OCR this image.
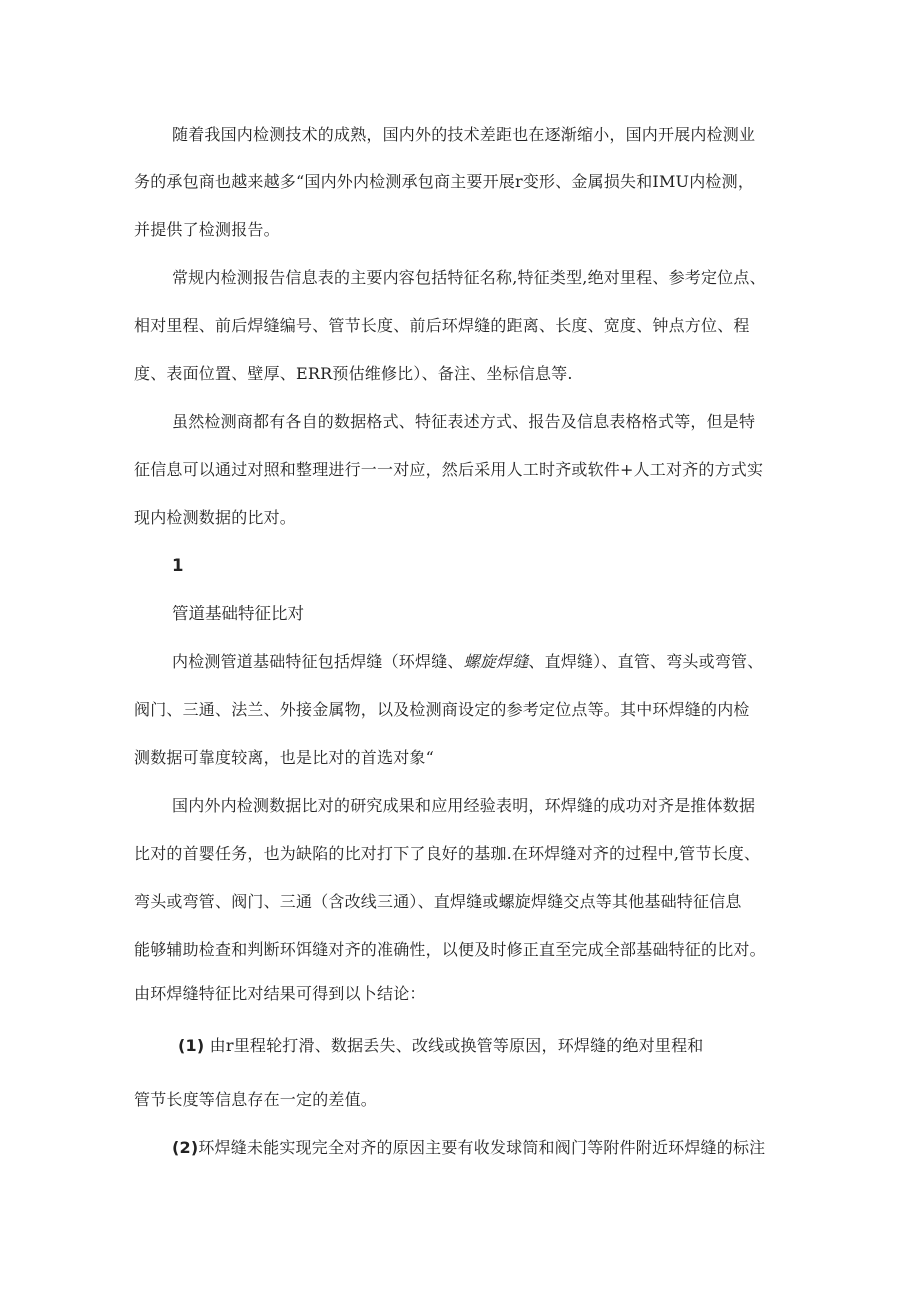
随着我国内检测技术的成熟，国内外的技术差距也在逐渐缩小，国内开展内检测业
务的承包商也越来越多“国内外内检测承包商主要开展r变形、金属损失和IMU内检测，
并提供了检测报告。
常规内检测报告信息表的主要内容包括特征名称,特征类型,绝对里程、参考定位点、
相对里程、前后焊缝编号、管节长度、前后环焊缝的距离、长度、宽度、钟点方位、程
度、表面位置、壁厚、ERR预估维修比）、备注、坐标信息等.
虽然检测商都有各自的数据格式、特征表述方式、报告及信息表格格式等，但是特
征信息可以通过对照和整理进行一一对应，然后采用人工时齐或软件+人工对齐的方式实
现内检测数据的比对。
1
管道基础特征比对
内检测管道基础特征包括焊缝（环焊缝、螺旋焊缝、直焊缝）、直管、弯头或弯管、
阀门、三通、法兰、外接金属物，以及检测商设定的参考定位点等。其中环焊缝的内检
测数据可靠度较离，也是比对的首选对象“
国内外内检测数据比对的研究成果和应用经验表明，环焊缝的成功对齐是推体数据
比对的首婴任务，也为缺陷的比对打下了良好的基珈.在环焊缝对齐的过程中,管节长度、
弯头或弯管、阀门、三通（含改线三通）、直焊缝或螺旋焊缝交点等其他基础特征信息
能够辅助检查和判断环饵缝对齐的准确性，以便及时修正直至完成全部基础特征的比对。
由环焊缝特征比对结果可得到以卜结论：
(1) 由r里程轮打滑、数据丢失、改线或换管等原因，环焊缝的绝对里程和
管节长度等信息存在一定的差值。
(2)环焊缝未能实现完全对齐的原因主要有收发球筒和阀门等附件附近环焊缝的标注
